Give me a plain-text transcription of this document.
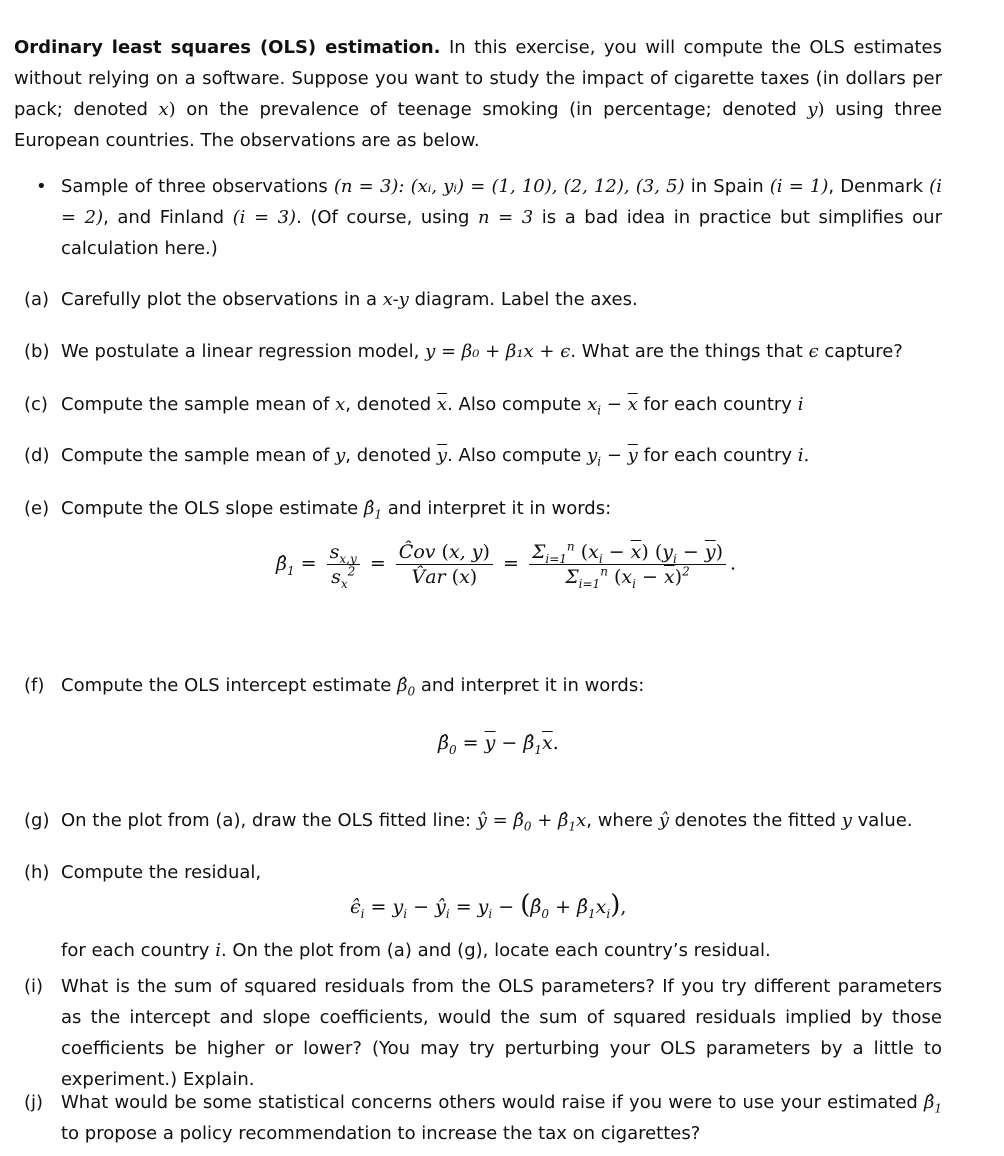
Ordinary least squares (OLS) estimation. In this exercise, you will compute the OLS estimates without relying on a software. Suppose you want to study the impact of cigarette taxes (in dollars per pack; denoted x) on the prevalence of teenage smoking (in percentage; denoted y) using three European countries. The observations are as below.
• Sample of three observations (n = 3): (xᵢ, yᵢ) = (1, 10), (2, 12), (3, 5) in Spain (i = 1), Denmark (i = 2), and Finland (i = 3). (Of course, using n = 3 is a bad idea in practice but simplifies our calculation here.)
(a) Carefully plot the observations in a x-y diagram. Label the axes.
(b) We postulate a linear regression model, y = β₀ + β₁x + ϵ. What are the things that ϵ capture?
(c) Compute the sample mean of x, denoted $\overline{x}$. Also compute $x_i - \overline{x}$ for each country i
(d) Compute the sample mean of y, denoted $\overline{y}$. Also compute $y_i - \overline{y}$ for each country i.
(e) Compute the OLS slope estimate $\betâ_1$ and interpret it in words:
$\betâ_1 = \frac{s_{x,y}}{s_x^2} = \frac{\text{Ĉov (x, y)}}{V̂ar (x)} = \frac{\Sigma_{i=1}^n (x_i - \overline{x}) (y_i - \overline{y})}{\Sigma_{i=1}^n (x_i - \overline{x})^2}$ .
(f) Compute the OLS intercept estimate $\betâ_0$ and interpret it in words:
$\betâ_0 = \overline{y}$ − $\betâ_1\overline{x}$.
(g) On the plot from (a), draw the OLS fitted line: ŷ = $\betâ_0$ + $\betâ_1x$, where ŷ denotes the fitted y value.
(h) Compute the residual,
$\epsilon̂_i = y_i$ − $ŷ_i = y_i$ − ($\betâ_0$ + $\betâ_1x_i$),
for each country i. On the plot from (a) and (g), locate each country’s residual.
(i) What is the sum of squared residuals from the OLS parameters? If you try different parameters as the intercept and slope coefficients, would the sum of squared residuals implied by those coefficients be higher or lower? (You may try perturbing your OLS parameters by a little to experiment.) Explain.
(j) What would be some statistical concerns others would raise if you were to use your estimated $\betâ_1$ to propose a policy recommendation to increase the tax on cigarettes?
